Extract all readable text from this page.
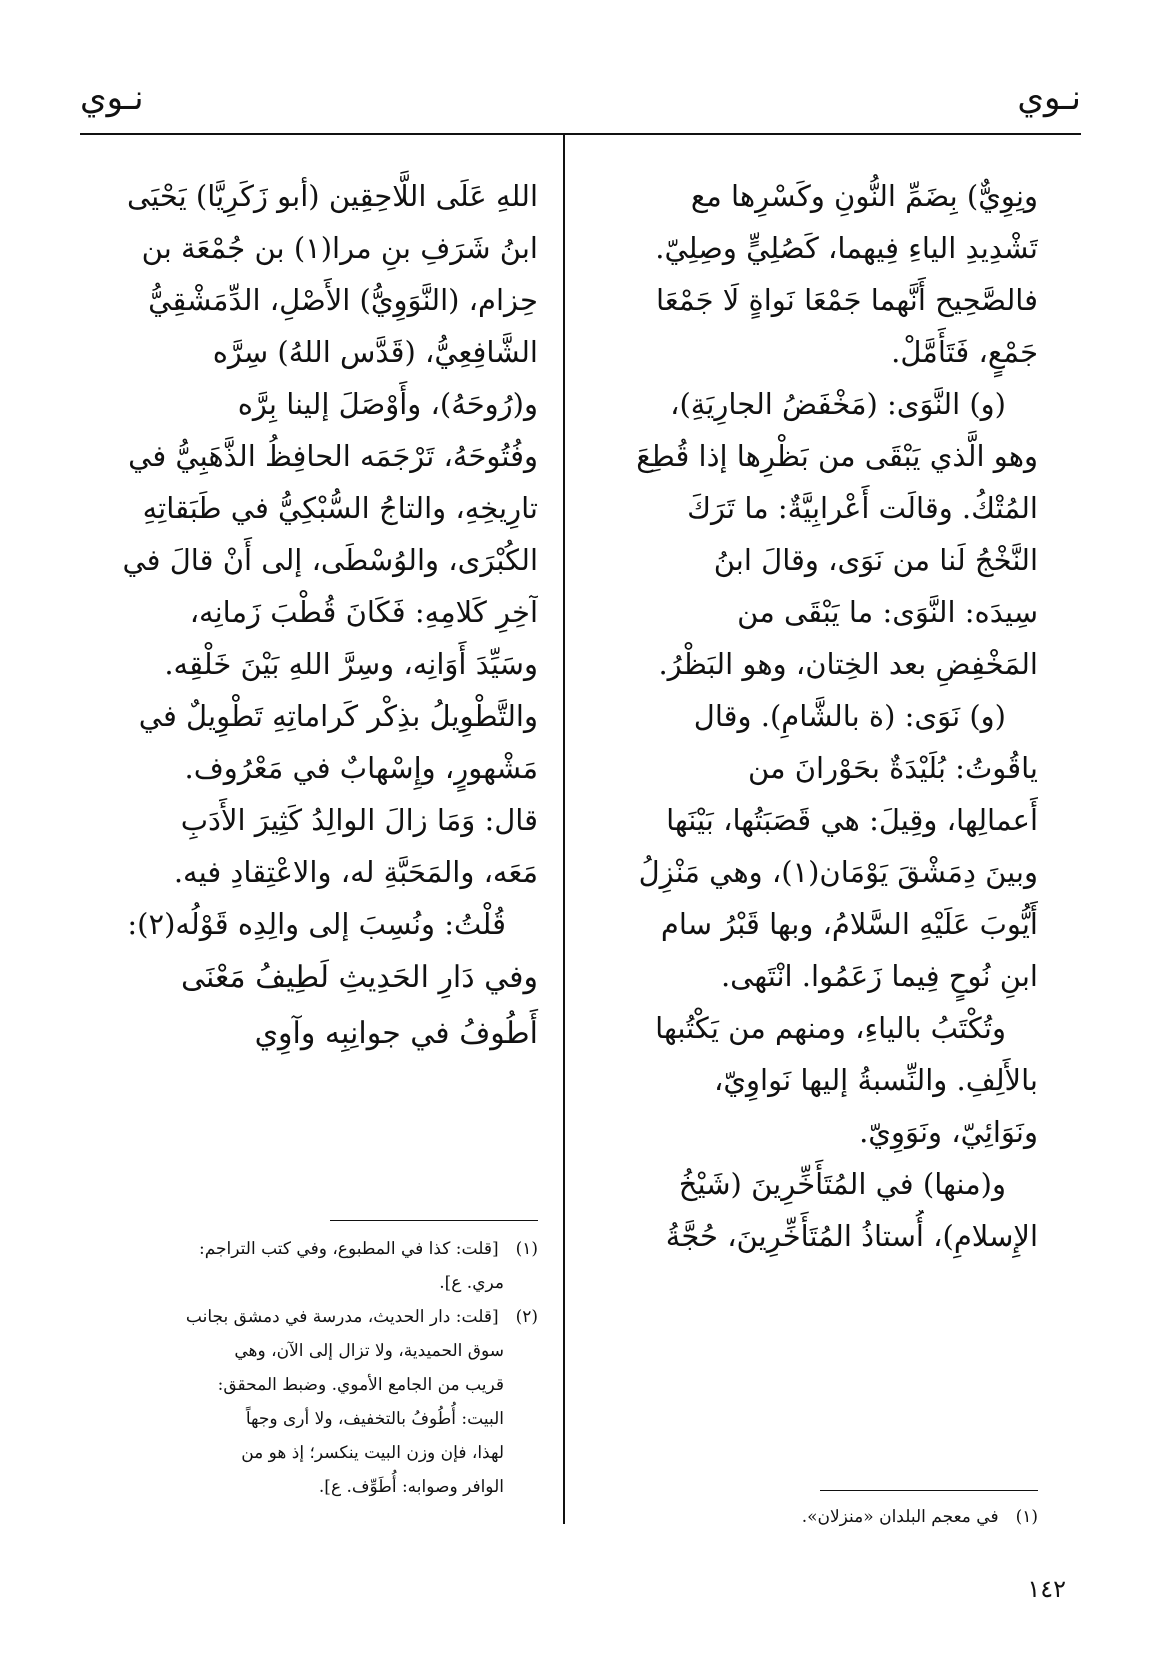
نـوي
نـوي
ونِوِيٌّ) بِضَمِّ النُّونِ وكَسْرِها مع
تَشْدِيدِ الياءِ فِيهما، كَصُلِيٍّ وصِلِيّ.
فالصَّحِيح أَنَّهما جَمْعَا نَواةٍ لَا جَمْعَا
جَمْعٍ، فَتَأَمَّلْ.
(و) النَّوَى: (مَخْفَضُ الجارِيَةِ)،
وهو الَّذي يَبْقَى من بَظْرِها إذا قُطِعَ
المُتْكُ. وقالَت أَعْرابِيَّةٌ: ما تَرَكَ
النَّخْجُ لَنا من نَوَى، وقالَ ابنُ
سِيدَه: النَّوَى: ما يَبْقَى من
المَخْفِضِ بعد الخِتان، وهو البَظْرُ.
(و) نَوَى: (ة بالشَّامِ). وقال
ياقُوتُ: بُلَيْدَةٌ بحَوْرانَ من
أَعمالِها، وقِيلَ: هي قَصَبَتُها، بَيْنَها
وبينَ دِمَشْقَ يَوْمَان(١)، وهي مَنْزِلُ
أَيُّوبَ عَلَيْهِ السَّلامُ، وبها قَبْرُ سام
ابنِ نُوحٍ فِيما زَعَمُوا. انْتَهى.
وتُكْتَبُ بالياءِ، ومنهم من يَكْتُبها
بالأَلِفِ. والنِّسبةُ إليها نَواوِيّ،
ونَوَائِيّ، ونَوَوِيّ.
و(منها) في المُتَأَخِّرِينَ (شَيْخُ
الإِسلامِ)، أُستاذُ المُتَأَخِّرِينَ، حُجَّةُ
(١) في معجم البلدان «منزلان».
اللهِ عَلَى اللَّاحِقِين (أبو زَكَرِيَّا) يَحْيَى
ابنُ شَرَفِ بنِ مرا(١) بن جُمْعَة بن
حِزام، (النَّوَوِيُّ) الأَصْلِ، الدِّمَشْقِيُّ
الشَّافِعِيُّ، (قَدَّس اللهُ) سِرَّه
و(رُوحَهُ)، وأَوْصَلَ إلينا بِرَّه
وفُتُوحَهُ، تَرْجَمَه الحافِظُ الذَّهَبِيُّ في
تارِيخِهِ، والتاجُ السُّبْكِيُّ في طَبَقاتِهِ
الكُبْرَى، والوُسْطَى، إلى أَنْ قالَ في
آخِرِ كَلامِهِ: فَكَانَ قُطْبَ زَمانِه،
وسَيِّدَ أَوَانِه، وسِرَّ اللهِ بَيْنَ خَلْقِه.
والتَّطْوِيلُ بذِكْر كَراماتِهِ تَطْوِيلٌ في
مَشْهورٍ، وإِسْهابٌ في مَعْرُوف.
قال: وَمَا زالَ الوالِدُ كَثِيرَ الأَدَبِ
مَعَه، والمَحَبَّةِ له، والاعْتِقادِ فيه.
قُلْتُ: ونُسِبَ إلى والِدِه قَوْلُه(٢):
وفي دَارِ الحَدِيثِ لَطِيفُ مَعْنَى
أَطُوفُ في جوانِبِه وآوِي
(١) [قلت: كذا في المطبوع، وفي كتب التراجم:
مري. ع].
(٢) [قلت: دار الحديث، مدرسة في دمشق بجانب
سوق الحميدية، ولا تزال إلى الآن، وهي
قريب من الجامع الأموي. وضبط المحقق:
البيت: أُطُوفُ بالتخفيف، ولا أرى وجهاً
لهذا، فإن وزن البيت ينكسر؛ إذ هو من
الوافر وصوابه: أُطَوِّف. ع].
١٤٢
